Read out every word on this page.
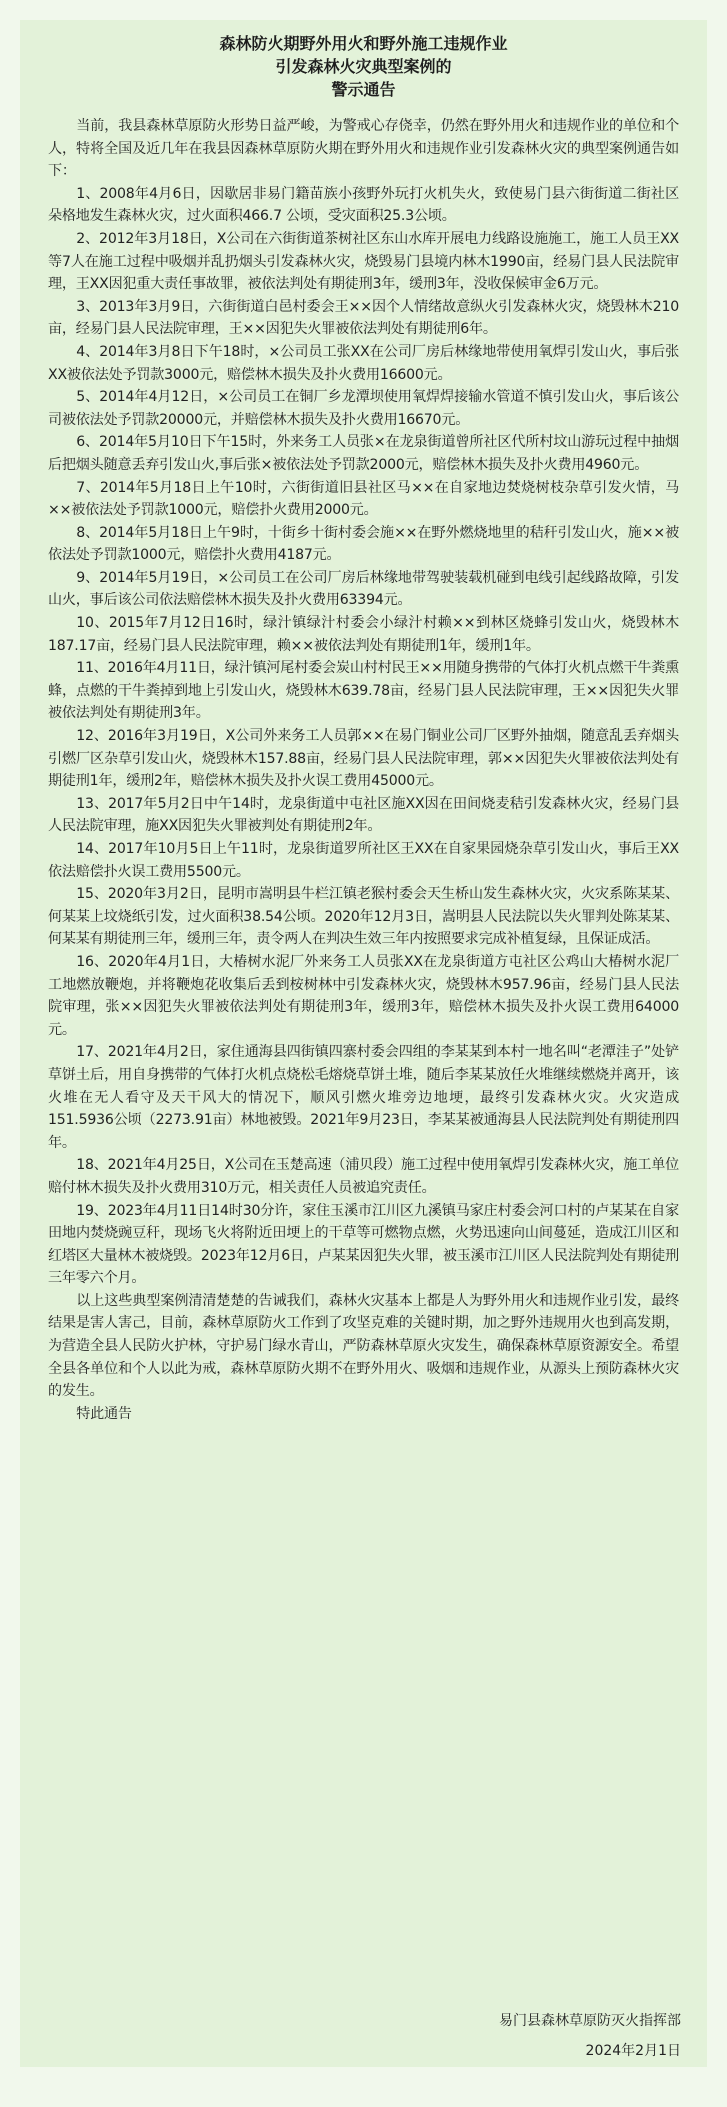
森林防火期野外用火和野外施工违规作业
引发森林火灾典型案例的
警示通告

当前，我县森林草原防火形势日益严峻，为警戒心存侥幸，仍然在野外用火和违规作业的单位和个人，特将全国及近几年在我县因森林草原防火期在野外用火和违规作业引发森林火灾的典型案例通告如下：

1、2008年4月6日，因歇居非易门籍苗族小孩野外玩打火机失火，致使易门县六街街道二街社区朵格地发生森林火灾，过火面积466.7 公顷，受灾面积25.3公顷。

2、2012年3月18日，X公司在六街街道茶树社区东山水库开展电力线路设施施工，施工人员王XX等7人在施工过程中吸烟并乱扔烟头引发森林火灾，烧毁易门县境内林木1990亩，经易门县人民法院审理，王XX因犯重大责任事故罪，被依法判处有期徒刑3年，缓刑3年，没收保候审金6万元。

3、2013年3月9日，六街街道白邑村委会王××因个人情绪故意纵火引发森林火灾，烧毁林木210亩，经易门县人民法院审理，王××因犯失火罪被依法判处有期徒刑6年。

4、2014年3月8日下午18时，×公司员工张XX在公司厂房后林缘地带使用氧焊引发山火，事后张XX被依法处予罚款3000元，赔偿林木损失及扑火费用16600元。

5、2014年4月12日，×公司员工在铜厂乡龙潭坝使用氧焊焊接输水管道不慎引发山火，事后该公司被依法处予罚款20000元，并赔偿林木损失及扑火费用16670元。

6、2014年5月10日下午15时，外来务工人员张×在龙泉街道曾所社区代所村坟山游玩过程中抽烟后把烟头随意丢弃引发山火,事后张×被依法处予罚款2000元，赔偿林木损失及扑火费用4960元。

7、2014年5月18日上午10时，六街街道旧县社区马××在自家地边焚烧树枝杂草引发火情，马××被依法处予罚款1000元，赔偿扑火费用2000元。

8、2014年5月18日上午9时，十街乡十街村委会施××在野外燃烧地里的秸秆引发山火，施××被依法处予罚款1000元，赔偿扑火费用4187元。

9、2014年5月19日，×公司员工在公司厂房后林缘地带驾驶装载机碰到电线引起线路故障，引发山火，事后该公司依法赔偿林木损失及扑火费用63394元。

10、2015年7月12日16时，绿汁镇绿汁村委会小绿汁村赖××到林区烧蜂引发山火，烧毁林木187.17亩，经易门县人民法院审理，赖××被依法判处有期徒刑1年，缓刑1年。

11、2016年4月11日，绿汁镇河尾村委会炭山村村民王××用随身携带的气体打火机点燃干牛粪熏蜂，点燃的干牛粪掉到地上引发山火，烧毁林木639.78亩，经易门县人民法院审理，王××因犯失火罪被依法判处有期徒刑3年。

12、2016年3月19日，X公司外来务工人员郭××在易门铜业公司厂区野外抽烟，随意乱丢弃烟头引燃厂区杂草引发山火，烧毁林木157.88亩，经易门县人民法院审理，郭××因犯失火罪被依法判处有期徒刑1年，缓刑2年，赔偿林木损失及扑火误工费用45000元。

13、2017年5月2日中午14时，龙泉街道中屯社区施XX因在田间烧麦秸引发森林火灾，经易门县人民法院审理，施XX因犯失火罪被判处有期徒刑2年。

14、2017年10月5日上午11时，龙泉街道罗所社区王XX在自家果园烧杂草引发山火，事后王XX依法赔偿扑火误工费用5500元。

15、2020年3月2日，昆明市嵩明县牛栏江镇老猴村委会天生桥山发生森林火灾，火灾系陈某某、何某某上坟烧纸引发，过火面积38.54公顷。2020年12月3日，嵩明县人民法院以失火罪判处陈某某、何某某有期徒刑三年，缓刑三年，责令两人在判决生效三年内按照要求完成补植复绿，且保证成活。

16、2020年4月1日，大椿树水泥厂外来务工人员张XX在龙泉街道方屯社区公鸡山大椿树水泥厂工地燃放鞭炮，并将鞭炮花收集后丢到桉树林中引发森林火灾，烧毁林木957.96亩，经易门县人民法院审理，张××因犯失火罪被依法判处有期徒刑3年，缓刑3年，赔偿林木损失及扑火误工费用64000元。

17、2021年4月2日，家住通海县四街镇四寨村委会四组的李某某到本村一地名叫“老潭洼子”处铲草饼土后，用自身携带的气体打火机点烧松毛熔烧草饼土堆，随后李某某放任火堆继续燃烧并离开，该火堆在无人看守及天干风大的情况下，顺风引燃火堆旁边地埂，最终引发森林火灾。火灾造成151.5936公顷（2273.91亩）林地被毁。2021年9月23日，李某某被通海县人民法院判处有期徒刑四年。

18、2021年4月25日，X公司在玉楚高速（浦贝段）施工过程中使用氧焊引发森林火灾，施工单位赔付林木损失及扑火费用310万元，相关责任人员被追究责任。

19、2023年4月11日14时30分许，家住玉溪市江川区九溪镇马家庄村委会河口村的卢某某在自家田地内焚烧豌豆秆，现场飞火将附近田埂上的干草等可燃物点燃，火势迅速向山间蔓延，造成江川区和红塔区大量林木被烧毁。2023年12月6日，卢某某因犯失火罪，被玉溪市江川区人民法院判处有期徒刑三年零六个月。

以上这些典型案例清清楚楚的告诫我们，森林火灾基本上都是人为野外用火和违规作业引发，最终结果是害人害己，目前，森林草原防火工作到了攻坚克难的关键时期，加之野外违规用火也到高发期，为营造全县人民防火护林，守护易门绿水青山，严防森林草原火灾发生，确保森林草原资源安全。希望全县各单位和个人以此为戒，森林草原防火期不在野外用火、吸烟和违规作业，从源头上预防森林火灾的发生。

特此通告

易门县森林草原防灭火指挥部
2024年2月1日
